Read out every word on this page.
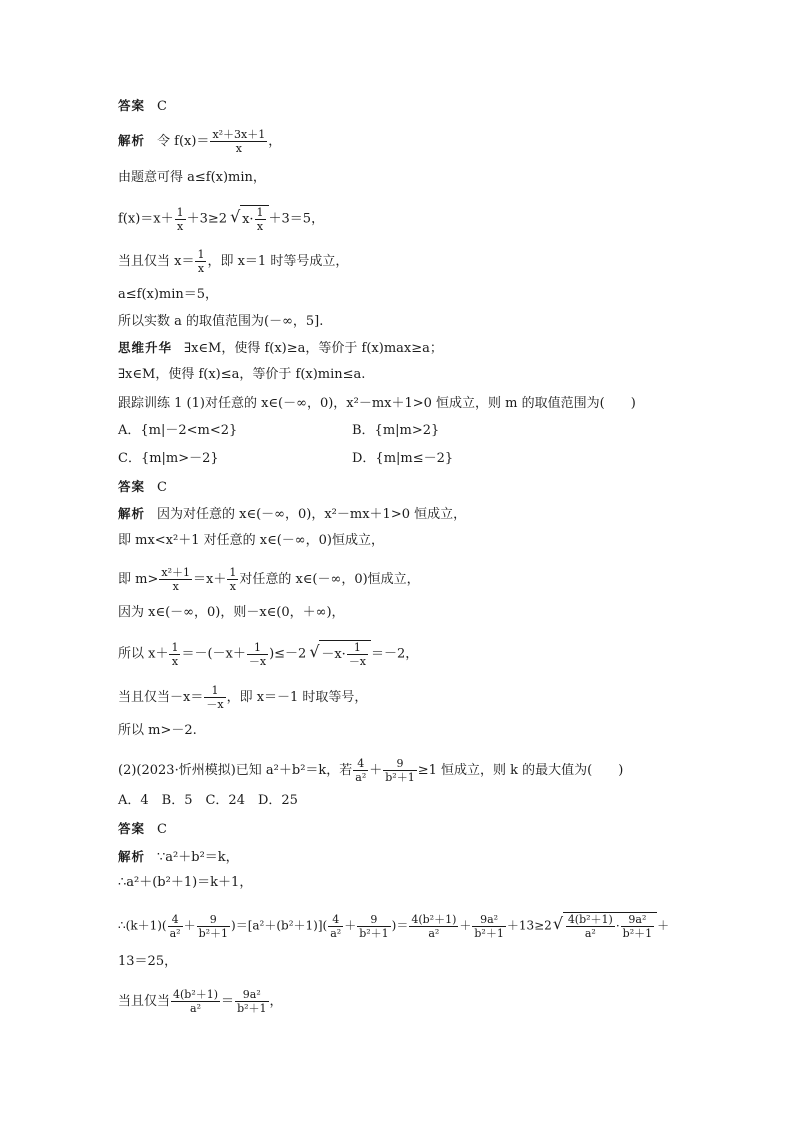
答案 C
解析 令 $f(x)= \frac{\text{x²＋3x＋1}}{x}$ ，
由题意可得 a≤f(x)min，
$f(x)=x+ \frac{1}{x} +3\ge 2√$ $x\cdot \frac{1}{x} +3=5$，
当且仅当 $x= \frac{1}{x}$ ，即 x＝1 时等号成立，
a≤f(x)min＝5，
所以实数 a 的取值范围为(－∞，5].
思维升华 ∃x∈M，使得 f(x)≥a，等价于 f(x)max≥a；
∃x∈M，使得 f(x)≤a，等价于 f(x)min≤a.
跟踪训练 1 (1)对任意的 x∈(－∞，0)，x²－mx＋1>0 恒成立，则 m 的取值范围为(　　)
A．{m|－2<m<2}	B．{m|m>2}
C．{m|m>－2}	D．{m|m≤－2}
答案 C
解析 因为对任意的 x∈(－∞，0)，x²－mx＋1>0 恒成立，
即 mx<x²＋1 对任意的 x∈(－∞，0)恒成立，
即 $m> \frac{\text{x²＋1}}{x} =x+ \frac{1}{x}$ 对任意的 x∈(－∞，0)恒成立，
因为 x∈(－∞，0)，则－x∈(0，＋∞)，
所以 $x+ \frac{1}{x} =-(-x+ \frac{1}{-x} )\le-2√ -x\cdot \frac{1}{-x} =-2$，
当且仅当$-x= \frac{1}{-x}$ ，即 x＝－1 时取等号，
所以 m>－2.
(2)(2023·忻州模拟)已知 a²＋b²＝k，若 $\frac{4}{\text{a²}} + \frac{9}{\text{b²＋1}} \ge 1$ 恒成立，则 k 的最大值为(　　)
A．4　B．5　C．24　D．25
答案 C
解析 ∵a²＋b²＝k，
∴a²＋(b²＋1)＝k＋1，
∴(k＋1)( $\frac{4}{\text{a²}} + \frac{9}{\text{b²＋1}} )=[a^2+(b^2+1)]( \frac{4}{\text{a²}} + \frac{9}{\text{b²＋1}}$ )＝ $\frac{\text{4(b²＋1)}}{\text{a²}} + \frac{\text{9a²}}{\text{b²＋1}} +13\ge 2$
√ $\frac{\text{4(b²＋1)}}{\text{a²}} \cdot \frac{\text{9a²}}{\text{b²＋1}}$ ＋
13＝25，
当且仅当 $\frac{\text{4(b²＋1)}}{\text{a²}} = \frac{\text{9a²}}{\text{b²＋1}}$ ，
